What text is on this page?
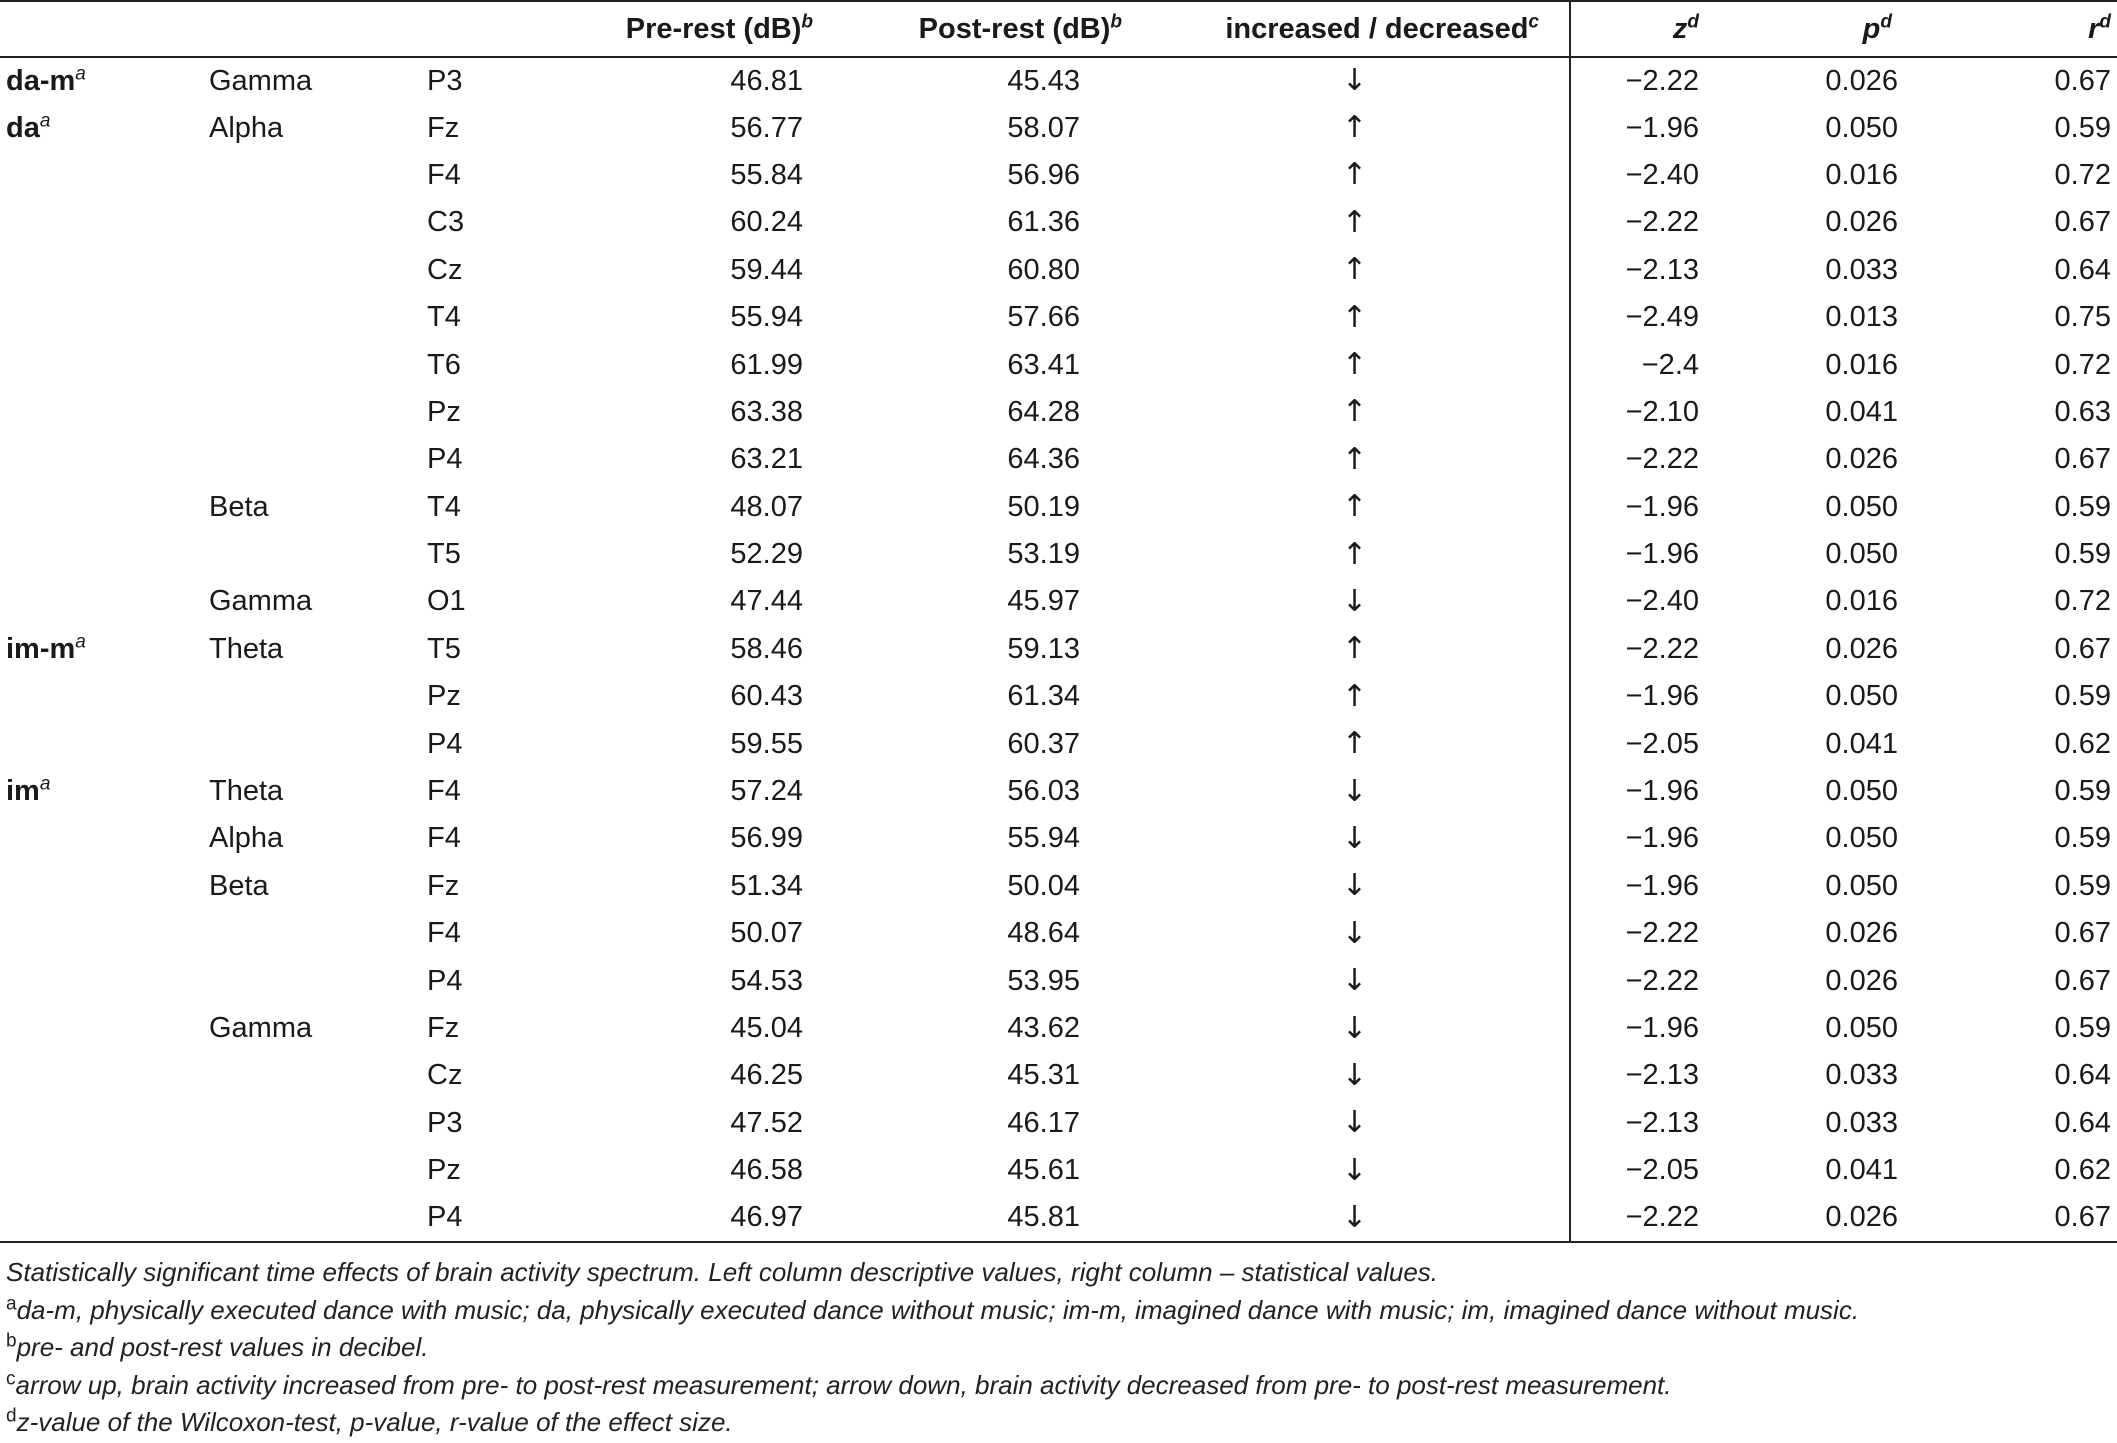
			Pre-rest (dB)$^b$	Post-rest (dB)$^b$	increased / decreased$^c$	$z^d$	$p^d$	$r^d$
$da-m^a$	Gamma	P3	46.81	45.43	↓	−2.22	0.026	0.67
$da^a$	Alpha	Fz	56.77	58.07	↑	−1.96	0.050	0.59
		F4	55.84	56.96	↑	−2.40	0.016	0.72
		C3	60.24	61.36	↑	−2.22	0.026	0.67
		Cz	59.44	60.80	↑	−2.13	0.033	0.64
		T4	55.94	57.66	↑	−2.49	0.013	0.75
		T6	61.99	63.41	↑	−2.4	0.016	0.72
		Pz	63.38	64.28	↑	−2.10	0.041	0.63
		P4	63.21	64.36	↑	−2.22	0.026	0.67
	Beta	T4	48.07	50.19	↑	−1.96	0.050	0.59
		T5	52.29	53.19	↑	−1.96	0.050	0.59
	Gamma	O1	47.44	45.97	↓	−2.40	0.016	0.72
$im-m^a$	Theta	T5	58.46	59.13	↑	−2.22	0.026	0.67
		Pz	60.43	61.34	↑	−1.96	0.050	0.59
		P4	59.55	60.37	↑	−2.05	0.041	0.62
$im^a$	Theta	F4	57.24	56.03	↓	−1.96	0.050	0.59
	Alpha	F4	56.99	55.94	↓	−1.96	0.050	0.59
	Beta	Fz	51.34	50.04	↓	−1.96	0.050	0.59
		F4	50.07	48.64	↓	−2.22	0.026	0.67
		P4	54.53	53.95	↓	−2.22	0.026	0.67
	Gamma	Fz	45.04	43.62	↓	−1.96	0.050	0.59
		Cz	46.25	45.31	↓	−2.13	0.033	0.64
		P3	47.52	46.17	↓	−2.13	0.033	0.64
		Pz	46.58	45.61	↓	−2.05	0.041	0.62
		P4	46.97	45.81	↓	−2.22	0.026	0.67
Statistically significant time effects of brain activity spectrum. Left column descriptive values, right column – statistical values.
$^a$da-m, physically executed dance with music; da, physically executed dance without music; im-m, imagined dance with music; im, imagined dance without music.
$^b$pre- and post-rest values in decibel.
$^c$arrow up, brain activity increased from pre- to post-rest measurement; arrow down, brain activity decreased from pre- to post-rest measurement.
$^d$z-value of the Wilcoxon-test, p-value, r-value of the effect size.
